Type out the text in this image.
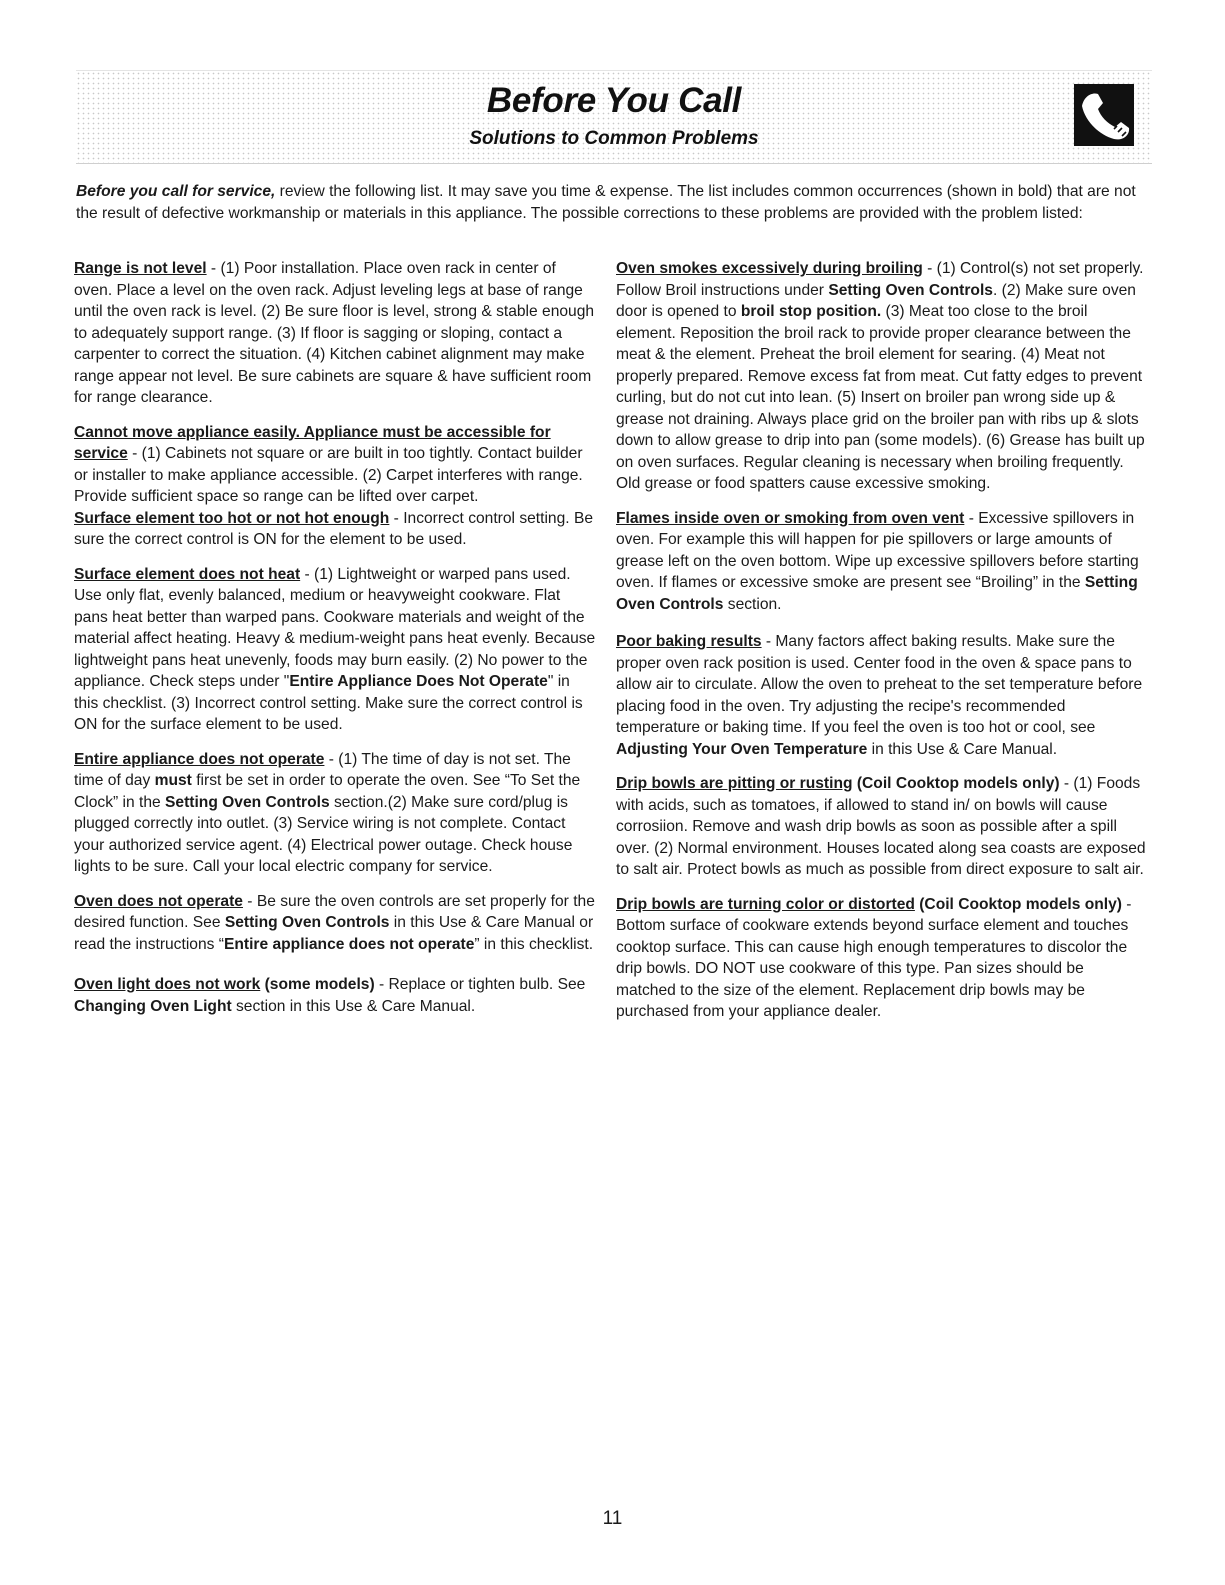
Before You Call
Solutions to Common Problems
Before you call for service, review the following list. It may save you time & expense. The list includes common occurrences (shown in bold) that are not the result of defective workmanship or materials in this appliance. The possible corrections to these problems are provided with the problem listed:
Range is not level - (1) Poor installation. Place oven rack in center of oven. Place a level on the oven rack. Adjust leveling legs at base of range until the oven rack is level. (2) Be sure floor is level, strong & stable enough to adequately support range. (3) If floor is sagging or sloping, contact a carpenter to correct the situation. (4) Kitchen cabinet alignment may make range appear not level. Be sure cabinets are square & have sufficient room for range clearance.
Cannot move appliance easily. Appliance must be accessible for service - (1) Cabinets not square or are built in too tightly. Contact builder or installer to make appliance accessible. (2) Carpet interferes with range. Provide sufficient space so range can be lifted over carpet.
Surface element too hot or not hot enough - Incorrect control setting. Be sure the correct control is ON for the element to be used.
Surface element does not heat - (1) Lightweight or warped pans used. Use only flat, evenly balanced, medium or heavyweight cookware. Flat pans heat better than warped pans. Cookware materials and weight of the material affect heating. Heavy & medium-weight pans heat evenly. Because lightweight pans heat unevenly, foods may burn easily. (2) No power to the appliance. Check steps under "Entire Appliance Does Not Operate" in this checklist. (3) Incorrect control setting. Make sure the correct control is ON for the surface element to be used.
Entire appliance does not operate - (1) The time of day is not set. The time of day must first be set in order to operate the oven. See “To Set the Clock” in the Setting Oven Controls section.(2) Make sure cord/plug is plugged correctly into outlet. (3) Service wiring is not complete. Contact your authorized service agent. (4) Electrical power outage. Check house lights to be sure. Call your local electric company for service.
Oven does not operate - Be sure the oven controls are set properly for the desired function. See Setting Oven Controls in this Use & Care Manual or read the instructions “Entire appliance does not operate” in this checklist.
Oven light does not work (some models) - Replace or tighten bulb. See Changing Oven Light section in this Use & Care Manual.
Oven smokes excessively during broiling - (1) Control(s) not set properly. Follow Broil instructions under Setting Oven Controls. (2) Make sure oven door is opened to broil stop position. (3) Meat too close to the broil element. Reposition the broil rack to provide proper clearance between the meat & the element. Preheat the broil element for searing. (4) Meat not properly prepared. Remove excess fat from meat. Cut fatty edges to prevent curling, but do not cut into lean. (5) Insert on broiler pan wrong side up & grease not draining. Always place grid on the broiler pan with ribs up & slots down to allow grease to drip into pan (some models). (6) Grease has built up on oven surfaces. Regular cleaning is necessary when broiling frequently. Old grease or food spatters cause excessive smoking.
Flames inside oven or smoking from oven vent - Excessive spillovers in oven. For example this will happen for pie spillovers or large amounts of grease left on the oven bottom. Wipe up excessive spillovers before starting oven. If flames or excessive smoke are present see “Broiling” in the Setting Oven Controls section.
Poor baking results - Many factors affect baking results. Make sure the proper oven rack position is used. Center food in the oven & space pans to allow air to circulate. Allow the oven to preheat to the set temperature before placing food in the oven. Try adjusting the recipe's recommended temperature or baking time. If you feel the oven is too hot or cool, see Adjusting Your Oven Temperature in this Use & Care Manual.
Drip bowls are pitting or rusting (Coil Cooktop models only) - (1) Foods with acids, such as tomatoes, if allowed to stand in/ on bowls will cause corrosiion. Remove and wash drip bowls as soon as possible after a spill over. (2) Normal environment. Houses located along sea coasts are exposed to salt air. Protect bowls as much as possible from direct exposure to salt air.
Drip bowls are turning color or distorted (Coil Cooktop models only) - Bottom surface of cookware extends beyond surface element and touches cooktop surface. This can cause high enough temperatures to discolor the drip bowls. DO NOT use cookware of this type. Pan sizes should be matched to the size of the element. Replacement drip bowls may be purchased from your appliance dealer.
11
